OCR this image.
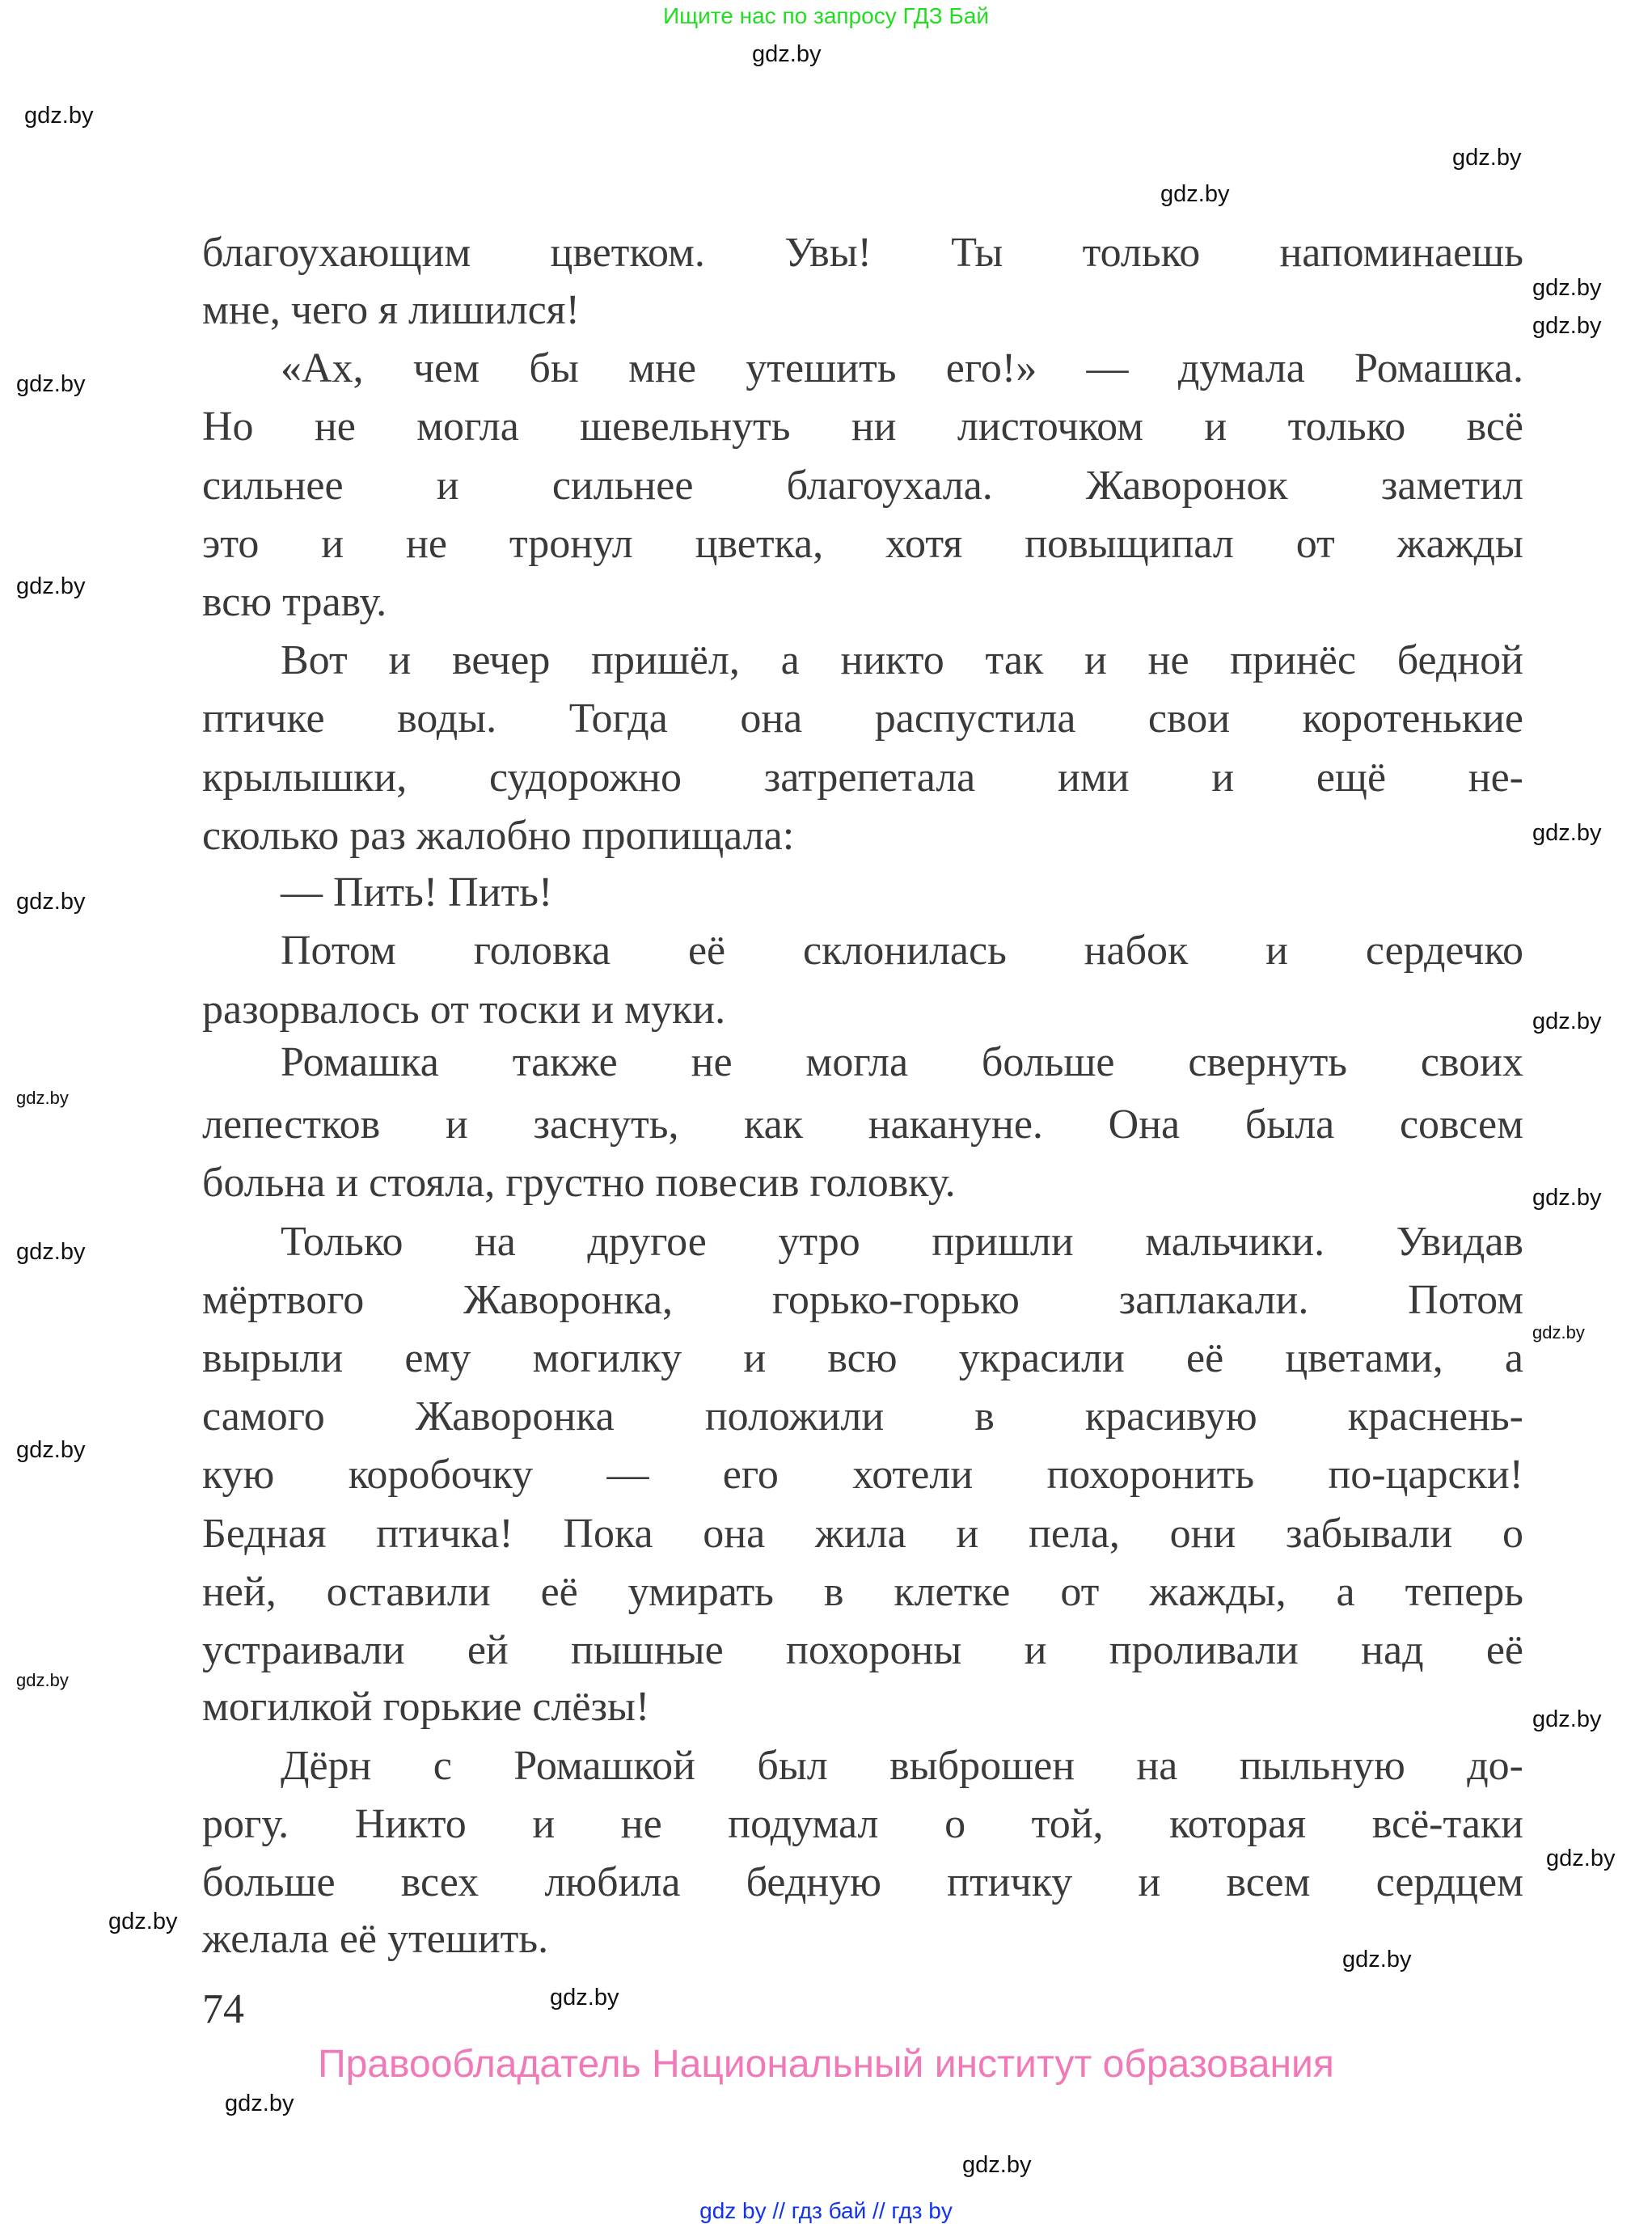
Ищите нас по запросу ГДЗ Бай
благоухающим цветком. Увы! Ты только напоминаешь
мне, чего я лишился!
«Ах, чем бы мне утешить его!» — думала Ромашка.
Но не могла шевельнуть ни листочком и только всё
сильнее и сильнее благоухала. Жаворонок заметил
это и не тронул цветка, хотя повыщипал от жажды
всю траву.
Вот и вечер пришёл, а никто так и не принёс бедной
птичке воды. Тогда она распустила свои коротенькие
крылышки, судорожно затрепетала ими и ещё не-
сколько раз жалобно пропищала:
— Пить! Пить!
Потом головка её склонилась набок и сердечко
разорвалось от тоски и муки.
Ромашка также не могла больше свернуть своих
лепестков и заснуть, как накануне. Она была совсем
больна и стояла, грустно повесив головку.
Только на другое утро пришли мальчики. Увидав
мёртвого Жаворонка, горько-горько заплакали. Потом
вырыли ему могилку и всю украсили её цветами, а
самого Жаворонка положили в красивую краснень-
кую коробочку — его хотели похоронить по-царски!
Бедная птичка! Пока она жила и пела, они забывали о
ней, оставили её умирать в клетке от жажды, а теперь
устраивали ей пышные похороны и проливали над её
могилкой горькие слёзы!
Дёрн с Ромашкой был выброшен на пыльную до-
рогу. Никто и не подумал о той, которая всё-таки
больше всех любила бедную птичку и всем сердцем
желала её утешить.
gdz.by
gdz.by
gdz.by
gdz.by
gdz.by
gdz.by
gdz.by
gdz.by
gdz.by
gdz.by
gdz.by
gdz.by
gdz.by
gdz.by
gdz.by
gdz.by
gdz.by
gdz.by
gdz.by
gdz.by
gdz.by
gdz.by
gdz.by
gdz.by
74
Правообладатель Национальный институт образования
gdz by // гдз бай // гдз by
